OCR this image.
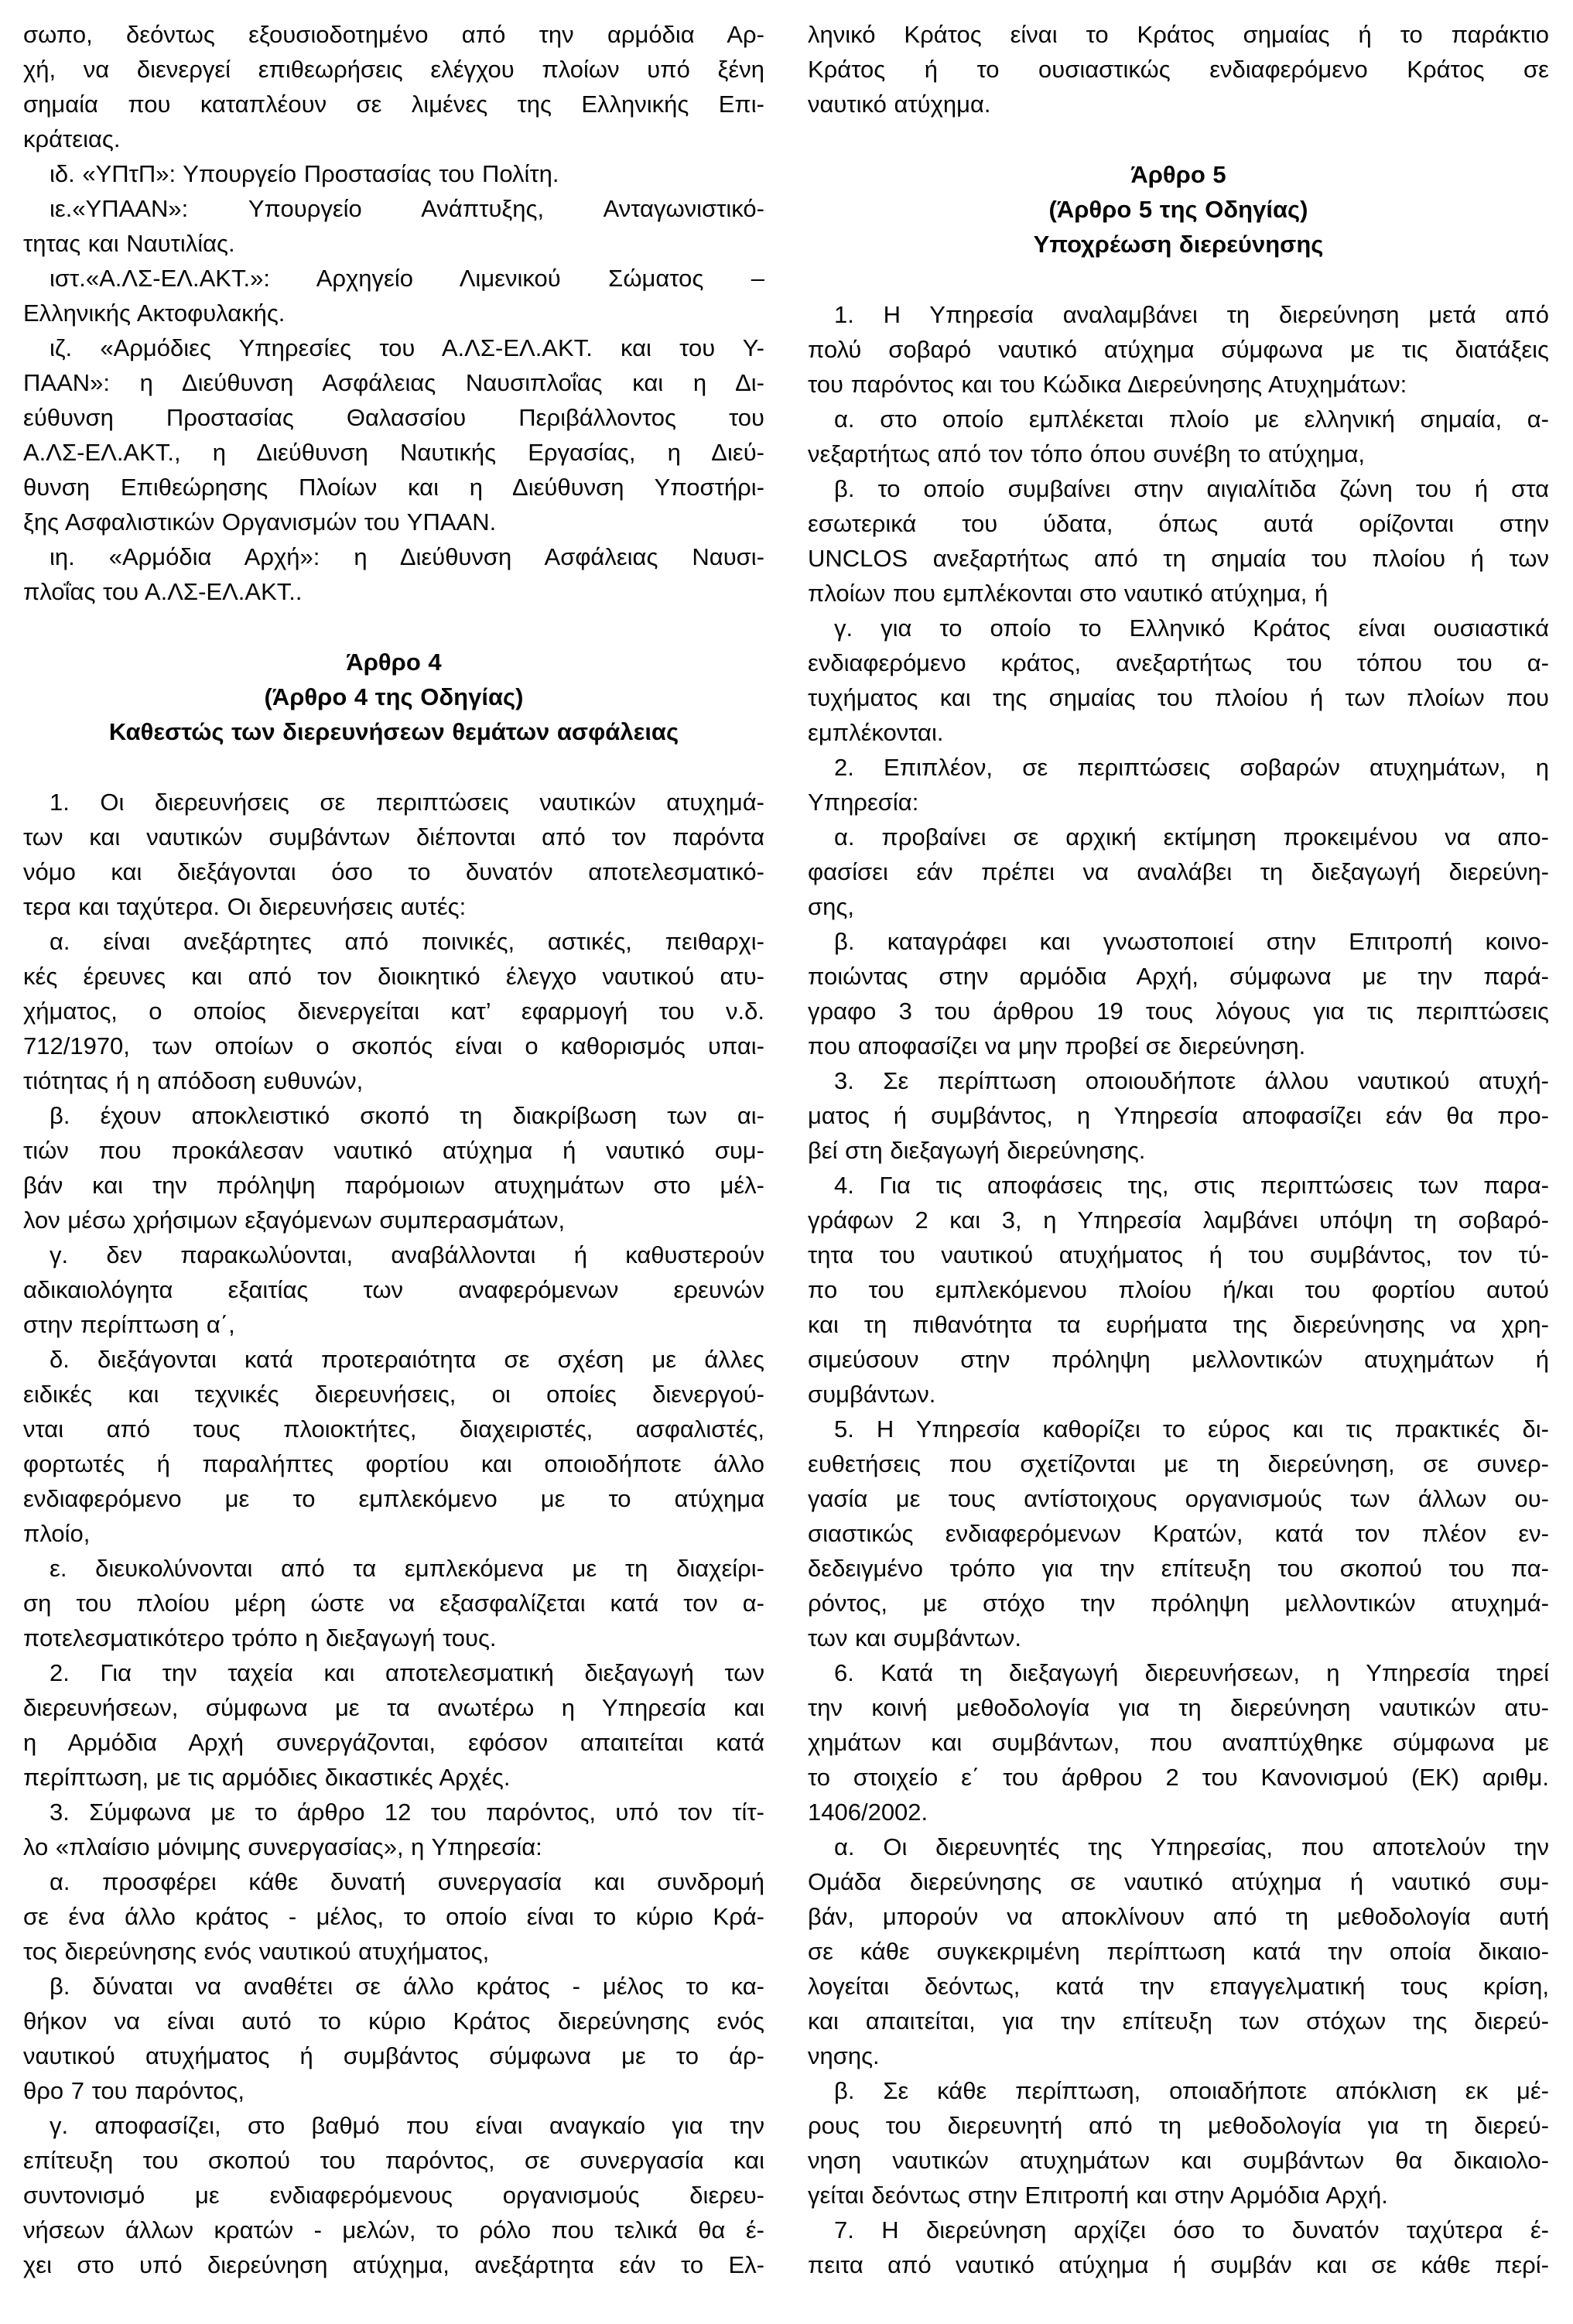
σωπο, δεόντως εξουσιοδοτημένο από την αρμόδια Αρ-
χή, να διενεργεί επιθεωρήσεις ελέγχου πλοίων υπό ξένη
σημαία που καταπλέουν σε λιμένες της Ελληνικής Επι-
κράτειας.
ιδ. «ΥΠτΠ»: Υπουργείο Προστασίας του Πολίτη.
ιε.«ΥΠΑΑΝ»: Υπουργείο Ανάπτυξης, Ανταγωνιστικό-
τητας και Ναυτιλίας.
ιστ.«Α.ΛΣ-ΕΛ.ΑΚΤ.»: Αρχηγείο Λιμενικού Σώματος –
Ελληνικής Ακτοφυλακής.
ιζ. «Αρμόδιες Υπηρεσίες του Α.ΛΣ-ΕΛ.ΑΚΤ. και του Υ-
ΠΑΑΝ»: η Διεύθυνση Ασφάλειας Ναυσιπλοΐας και η Δι-
εύθυνση Προστασίας Θαλασσίου Περιβάλλοντος του
Α.ΛΣ-ΕΛ.ΑΚΤ., η Διεύθυνση Ναυτικής Εργασίας, η Διεύ-
θυνση Επιθεώρησης Πλοίων και η Διεύθυνση Υποστήρι-
ξης Ασφαλιστικών Οργανισμών του ΥΠΑΑΝ.
ιη. «Αρμόδια Αρχή»: η Διεύθυνση Ασφάλειας Ναυσι-
πλοΐας του Α.ΛΣ-ΕΛ.ΑΚΤ..
Άρθρο 4
(Άρθρο 4 της Οδηγίας)
Καθεστώς των διερευνήσεων θεμάτων ασφάλειας
1. Οι διερευνήσεις σε περιπτώσεις ναυτικών ατυχημά-
των και ναυτικών συμβάντων διέπονται από τον παρόντα
νόμο και διεξάγονται όσο το δυνατόν αποτελεσματικό-
τερα και ταχύτερα. Οι διερευνήσεις αυτές:
α. είναι ανεξάρτητες από ποινικές, αστικές, πειθαρχι-
κές έρευνες και από τον διοικητικό έλεγχο ναυτικού ατυ-
χήματος, ο οποίος διενεργείται κατ’ εφαρμογή του ν.δ.
712/1970, των οποίων ο σκοπός είναι ο καθορισμός υπαι-
τιότητας ή η απόδοση ευθυνών,
β. έχουν αποκλειστικό σκοπό τη διακρίβωση των αι-
τιών που προκάλεσαν ναυτικό ατύχημα ή ναυτικό συμ-
βάν και την πρόληψη παρόμοιων ατυχημάτων στο μέλ-
λον μέσω χρήσιμων εξαγόμενων συμπερασμάτων,
γ. δεν παρακωλύονται, αναβάλλονται ή καθυστερούν
αδικαιολόγητα εξαιτίας των αναφερόμενων ερευνών
στην περίπτωση α΄,
δ. διεξάγονται κατά προτεραιότητα σε σχέση με άλλες
ειδικές και τεχνικές διερευνήσεις, οι οποίες διενεργού-
νται από τους πλοιοκτήτες, διαχειριστές, ασφαλιστές,
φορτωτές ή παραλήπτες φορτίου και οποιοδήποτε άλλο
ενδιαφερόμενο με το εμπλεκόμενο με το ατύχημα
πλοίο,
ε. διευκολύνονται από τα εμπλεκόμενα με τη διαχείρι-
ση του πλοίου μέρη ώστε να εξασφαλίζεται κατά τον α-
ποτελεσματικότερο τρόπο η διεξαγωγή τους.
2. Για την ταχεία και αποτελεσματική διεξαγωγή των
διερευνήσεων, σύμφωνα με τα ανωτέρω η Υπηρεσία και
η Αρμόδια Αρχή συνεργάζονται, εφόσον απαιτείται κατά
περίπτωση, με τις αρμόδιες δικαστικές Αρχές.
3. Σύμφωνα με το άρθρο 12 του παρόντος, υπό τον τίτ-
λο «πλαίσιο μόνιμης συνεργασίας», η Υπηρεσία:
α. προσφέρει κάθε δυνατή συνεργασία και συνδρομή
σε ένα άλλο κράτος - μέλος, το οποίο είναι το κύριο Κρά-
τος διερεύνησης ενός ναυτικού ατυχήματος,
β. δύναται να αναθέτει σε άλλο κράτος - μέλος το κα-
θήκον να είναι αυτό το κύριο Κράτος διερεύνησης ενός
ναυτικού ατυχήματος ή συμβάντος σύμφωνα με το άρ-
θρο 7 του παρόντος,
γ. αποφασίζει, στο βαθμό που είναι αναγκαίο για την
επίτευξη του σκοπού του παρόντος, σε συνεργασία και
συντονισμό με ενδιαφερόμενους οργανισμούς διερευ-
νήσεων άλλων κρατών - μελών, το ρόλο που τελικά θα έ-
χει στο υπό διερεύνηση ατύχημα, ανεξάρτητα εάν το Ελ-
ληνικό Κράτος είναι το Κράτος σημαίας ή το παράκτιο
Κράτος ή το ουσιαστικώς ενδιαφερόμενο Κράτος σε
ναυτικό ατύχημα.
Άρθρο 5
(Άρθρο 5 της Οδηγίας)
Υποχρέωση διερεύνησης
1. Η Υπηρεσία αναλαμβάνει τη διερεύνηση μετά από
πολύ σοβαρό ναυτικό ατύχημα σύμφωνα με τις διατάξεις
του παρόντος και του Κώδικα Διερεύνησης Ατυχημάτων:
α. στο οποίο εμπλέκεται πλοίο με ελληνική σημαία, α-
νεξαρτήτως από τον τόπο όπου συνέβη το ατύχημα,
β. το οποίο συμβαίνει στην αιγιαλίτιδα ζώνη του ή στα
εσωτερικά του ύδατα, όπως αυτά ορίζονται στην
UNCLOS ανεξαρτήτως από τη σημαία του πλοίου ή των
πλοίων που εμπλέκονται στο ναυτικό ατύχημα, ή
γ. για το οποίο το Ελληνικό Κράτος είναι ουσιαστικά
ενδιαφερόμενο κράτος, ανεξαρτήτως του τόπου του α-
τυχήματος και της σημαίας του πλοίου ή των πλοίων που
εμπλέκονται.
2. Επιπλέον, σε περιπτώσεις σοβαρών ατυχημάτων, η
Υπηρεσία:
α. προβαίνει σε αρχική εκτίμηση προκειμένου να απο-
φασίσει εάν πρέπει να αναλάβει τη διεξαγωγή διερεύνη-
σης,
β. καταγράφει και γνωστοποιεί στην Επιτροπή κοινο-
ποιώντας στην αρμόδια Αρχή, σύμφωνα με την παρά-
γραφο 3 του άρθρου 19 τους λόγους για τις περιπτώσεις
που αποφασίζει να μην προβεί σε διερεύνηση.
3. Σε περίπτωση οποιουδήποτε άλλου ναυτικού ατυχή-
ματος ή συμβάντος, η Υπηρεσία αποφασίζει εάν θα προ-
βεί στη διεξαγωγή διερεύνησης.
4. Για τις αποφάσεις της, στις περιπτώσεις των παρα-
γράφων 2 και 3, η Υπηρεσία λαμβάνει υπόψη τη σοβαρό-
τητα του ναυτικού ατυχήματος ή του συμβάντος, τον τύ-
πο του εμπλεκόμενου πλοίου ή/και του φορτίου αυτού
και τη πιθανότητα τα ευρήματα της διερεύνησης να χρη-
σιμεύσουν στην πρόληψη μελλοντικών ατυχημάτων ή
συμβάντων.
5. Η Υπηρεσία καθορίζει το εύρος και τις πρακτικές δι-
ευθετήσεις που σχετίζονται με τη διερεύνηση, σε συνερ-
γασία με τους αντίστοιχους οργανισμούς των άλλων ου-
σιαστικώς ενδιαφερόμενων Κρατών, κατά τον πλέον εν-
δεδειγμένο τρόπο για την επίτευξη του σκοπού του πα-
ρόντος, με στόχο την πρόληψη μελλοντικών ατυχημά-
των και συμβάντων.
6. Κατά τη διεξαγωγή διερευνήσεων, η Υπηρεσία τηρεί
την κοινή μεθοδολογία για τη διερεύνηση ναυτικών ατυ-
χημάτων και συμβάντων, που αναπτύχθηκε σύμφωνα με
το στοιχείο ε΄ του άρθρου 2 του Κανονισμού (ΕΚ) αριθμ.
1406/2002.
α. Οι διερευνητές της Υπηρεσίας, που αποτελούν την
Ομάδα διερεύνησης σε ναυτικό ατύχημα ή ναυτικό συμ-
βάν, μπορούν να αποκλίνουν από τη μεθοδολογία αυτή
σε κάθε συγκεκριμένη περίπτωση κατά την οποία δικαιο-
λογείται δεόντως, κατά την επαγγελματική τους κρίση,
και απαιτείται, για την επίτευξη των στόχων της διερεύ-
νησης.
β. Σε κάθε περίπτωση, οποιαδήποτε απόκλιση εκ μέ-
ρους του διερευνητή από τη μεθοδολογία για τη διερεύ-
νηση ναυτικών ατυχημάτων και συμβάντων θα δικαιολο-
γείται δεόντως στην Επιτροπή και στην Αρμόδια Αρχή.
7. Η διερεύνηση αρχίζει όσο το δυνατόν ταχύτερα έ-
πειτα από ναυτικό ατύχημα ή συμβάν και σε κάθε περί-
